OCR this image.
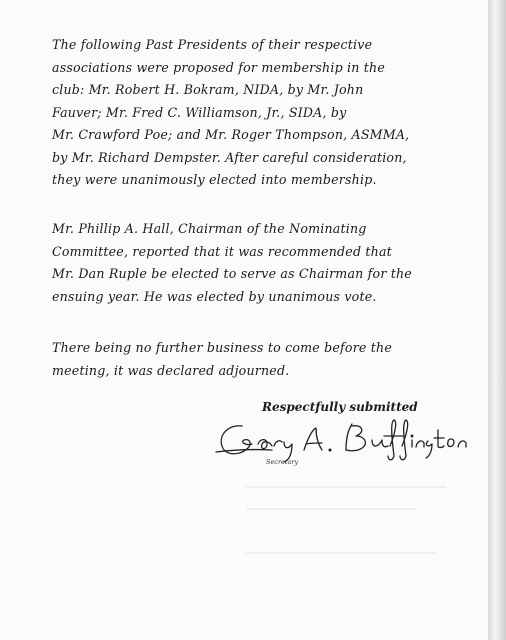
The following Past Presidents of their respective
associations were proposed for membership in the
club: Mr. Robert H. Bokram, NIDA, by Mr. John
Fauver; Mr. Fred C. Williamson, Jr., SIDA, by
Mr. Crawford Poe; and Mr. Roger Thompson, ASMMA,
by Mr. Richard Dempster. After careful consideration,
they were unanimously elected into membership.
Mr. Phillip A. Hall, Chairman of the Nominating
Committee, reported that it was recommended that
Mr. Dan Ruple be elected to serve as Chairman for the
ensuing year. He was elected by unanimous vote.
There being no further business to come before the
meeting, it was declared adjourned.
Respectfully submitted
Secretary
